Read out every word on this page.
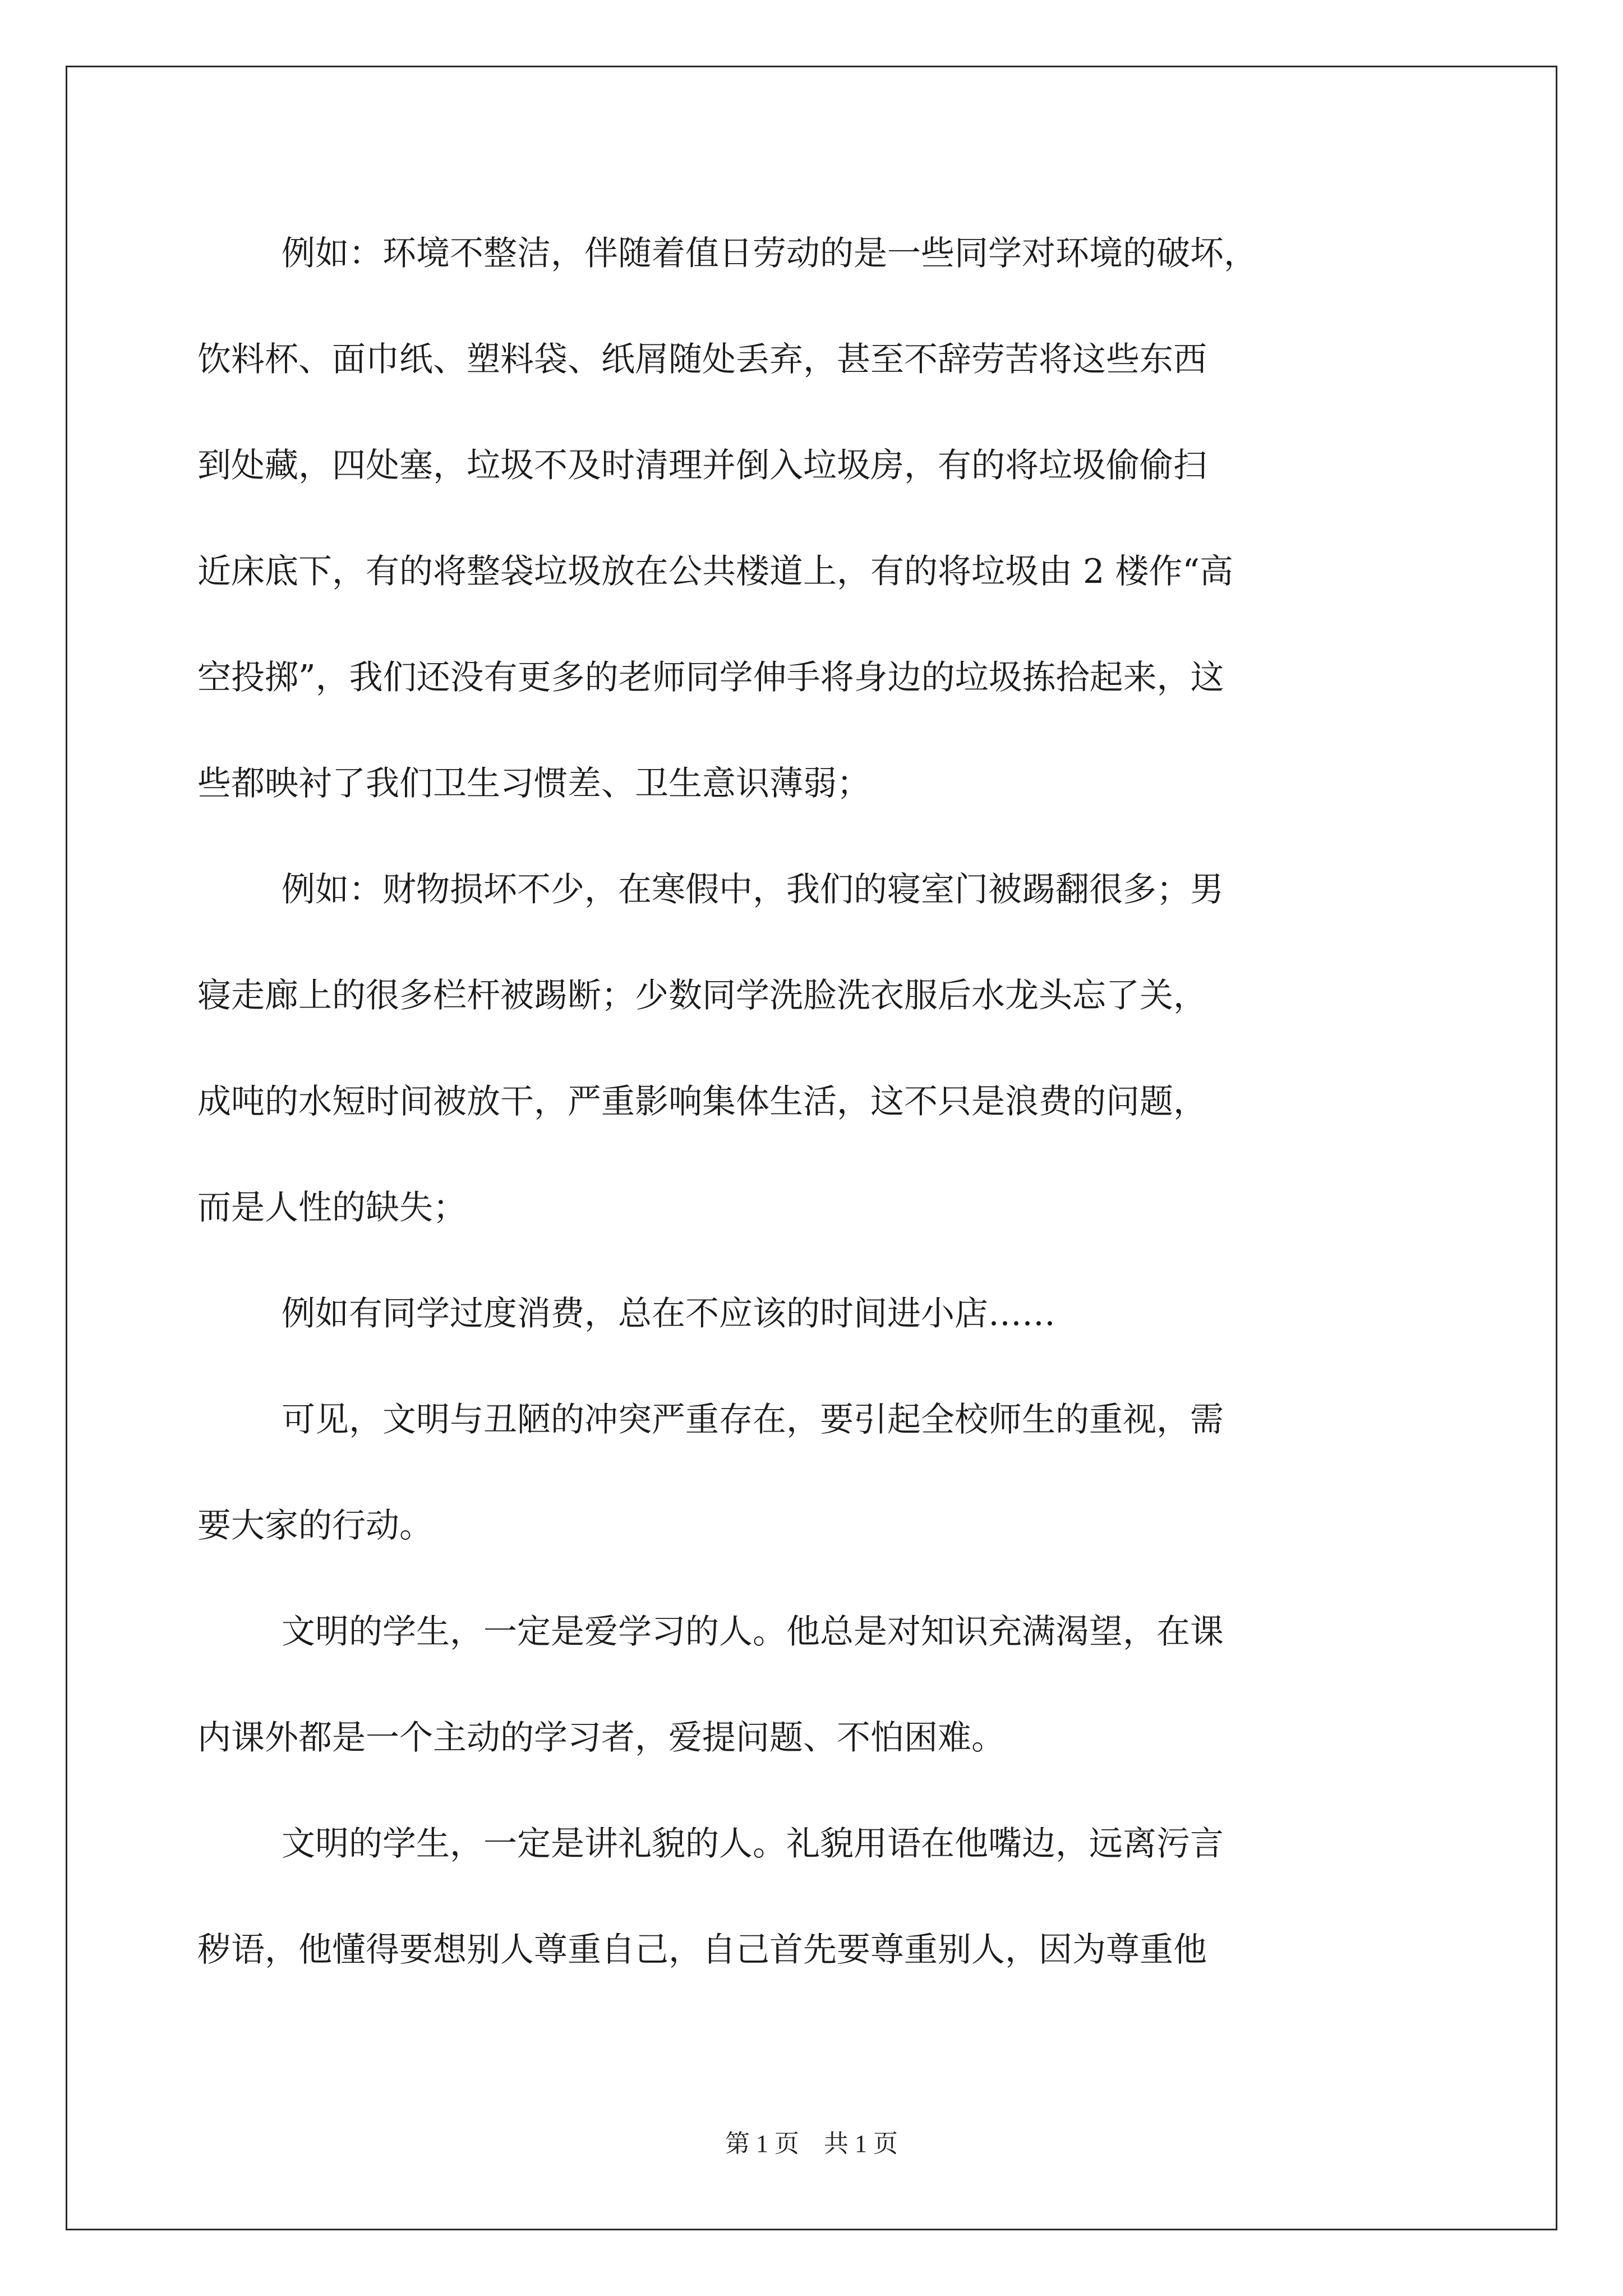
例如：环境不整洁，伴随着值日劳动的是一些同学对环境的破坏，
饮料杯、面巾纸、塑料袋、纸屑随处丢弃，甚至不辞劳苦将这些东西
到处藏，四处塞，垃圾不及时清理并倒入垃圾房，有的将垃圾偷偷扫
近床底下，有的将整袋垃圾放在公共楼道上，有的将垃圾由 2 楼作“高
空投掷”，我们还没有更多的老师同学伸手将身边的垃圾拣拾起来，这
些都映衬了我们卫生习惯差、卫生意识薄弱；

例如：财物损坏不少，在寒假中，我们的寝室门被踢翻很多；男
寝走廊上的很多栏杆被踢断；少数同学洗脸洗衣服后水龙头忘了关，
成吨的水短时间被放干，严重影响集体生活，这不只是浪费的问题，
而是人性的缺失；

例如有同学过度消费，总在不应该的时间进小店……

可见，文明与丑陋的冲突严重存在，要引起全校师生的重视，需
要大家的行动。

文明的学生，一定是爱学习的人。他总是对知识充满渴望，在课
内课外都是一个主动的学习者，爱提问题、不怕困难。

文明的学生，一定是讲礼貌的人。礼貌用语在他嘴边，远离污言
秽语，他懂得要想别人尊重自己，自己首先要尊重别人，因为尊重他

第 1 页　共 1 页
